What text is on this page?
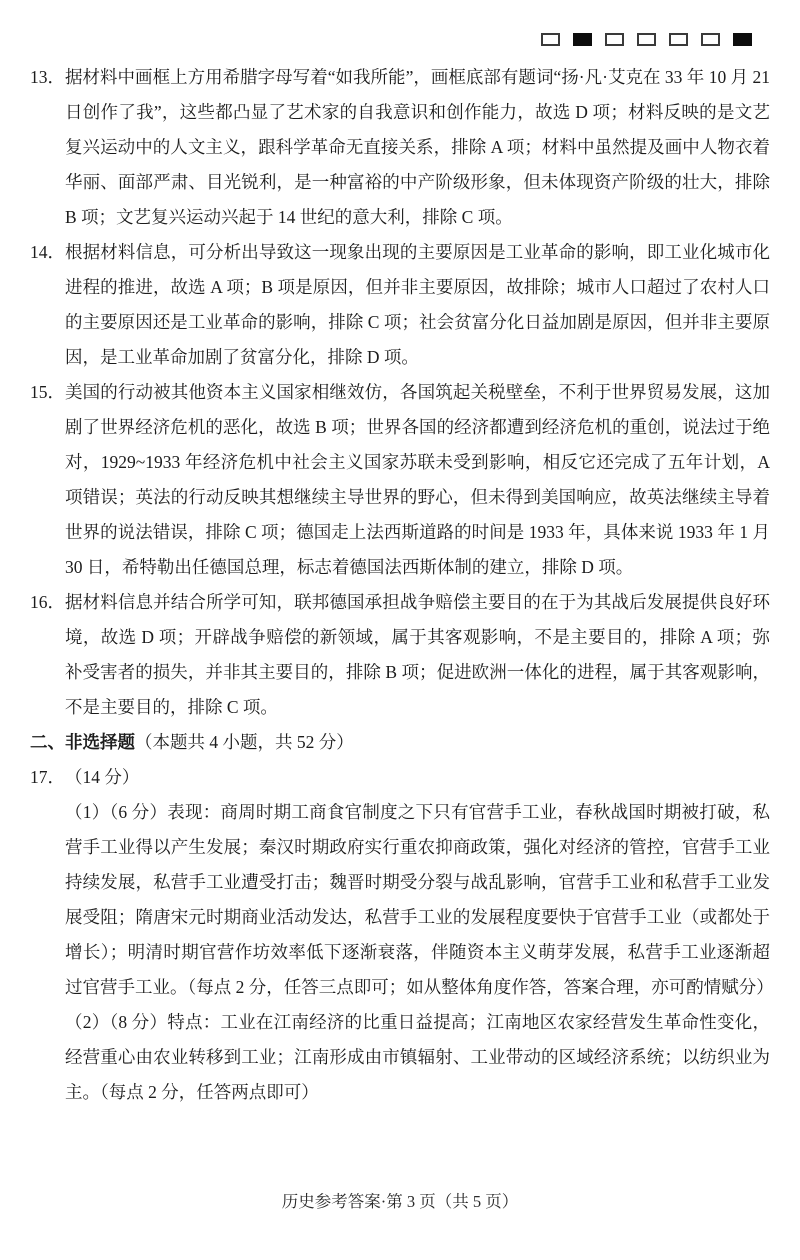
13． 据材料中画框上方用希腊字母写着“如我所能”，画框底部有题词“扬·凡·艾克在 33 年 10 月 21 日创作了我”，这些都凸显了艺术家的自我意识和创作能力，故选 D 项；材料反映的是文艺复兴运动中的人文主义，跟科学革命无直接关系，排除 A 项；材料中虽然提及画中人物衣着华丽、面部严肃、目光锐利，是一种富裕的中产阶级形象，但未体现资产阶级的壮大，排除 B 项；文艺复兴运动兴起于 14 世纪的意大利，排除 C 项。
14． 根据材料信息，可分析出导致这一现象出现的主要原因是工业革命的影响，即工业化城市化进程的推进，故选 A 项；B 项是原因，但并非主要原因，故排除；城市人口超过了农村人口的主要原因还是工业革命的影响，排除 C 项；社会贫富分化日益加剧是原因，但并非主要原因，是工业革命加剧了贫富分化，排除 D 项。
15． 美国的行动被其他资本主义国家相继效仿，各国筑起关税壁垒，不利于世界贸易发展，这加剧了世界经济危机的恶化，故选 B 项；世界各国的经济都遭到经济危机的重创，说法过于绝对，1929~1933 年经济危机中社会主义国家苏联未受到影响，相反它还完成了五年计划，A 项错误；英法的行动反映其想继续主导世界的野心，但未得到美国响应，故英法继续主导着世界的说法错误，排除 C 项；德国走上法西斯道路的时间是 1933 年，具体来说 1933 年 1 月 30 日，希特勒出任德国总理，标志着德国法西斯体制的建立，排除 D 项。
16． 据材料信息并结合所学可知，联邦德国承担战争赔偿主要目的在于为其战后发展提供良好环境，故选 D 项；开辟战争赔偿的新领域，属于其客观影响，不是主要目的，排除 A 项；弥补受害者的损失，并非其主要目的，排除 B 项；促进欧洲一体化的进程，属于其客观影响，不是主要目的，排除 C 项。
二、非选择题（本题共 4 小题，共 52 分）
17． （14 分）
（1）（6 分）表现：商周时期工商食官制度之下只有官营手工业，春秋战国时期被打破，私营手工业得以产生发展；秦汉时期政府实行重农抑商政策，强化对经济的管控，官营手工业持续发展，私营手工业遭受打击；魏晋时期受分裂与战乱影响，官营手工业和私营手工业发展受阻；隋唐宋元时期商业活动发达，私营手工业的发展程度要快于官营手工业（或都处于增长）；明清时期官营作坊效率低下逐渐衰落，伴随资本主义萌芽发展，私营手工业逐渐超过官营手工业。（每点 2 分，任答三点即可；如从整体角度作答，答案合理，亦可酌情赋分）
（2）（8 分）特点：工业在江南经济的比重日益提高；江南地区农家经营发生革命性变化，经营重心由农业转移到工业；江南形成由市镇辐射、工业带动的区域经济系统；以纺织业为主。（每点 2 分，任答两点即可）
历史参考答案·第 3 页（共 5 页）
